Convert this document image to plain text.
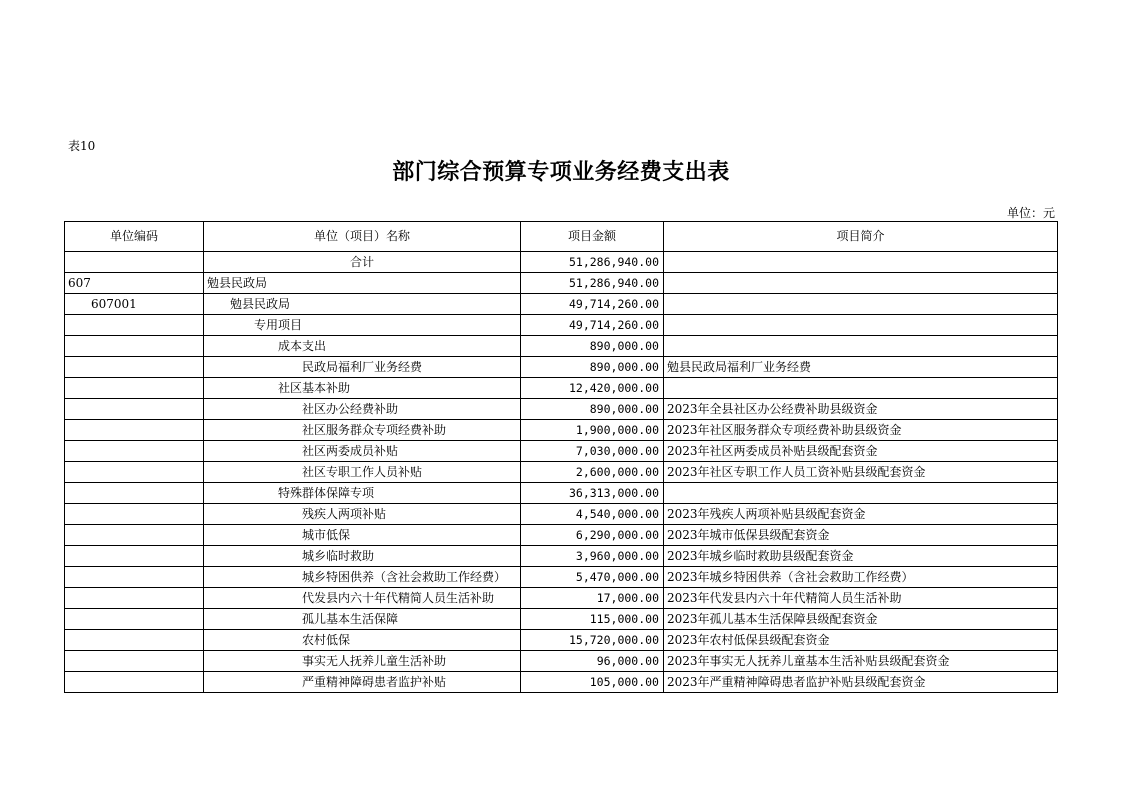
表10
部门综合预算专项业务经费支出表
单位：元
单位编码	单位（项目）名称	项目金额	项目简介
	合计	51,286,940.00	
607	勉县民政局	51,286,940.00	
607001	勉县民政局	49,714,260.00	
	专用项目	49,714,260.00	
	成本支出	890,000.00	
	民政局福利厂业务经费	890,000.00	勉县民政局福利厂业务经费
	社区基本补助	12,420,000.00	
	社区办公经费补助	890,000.00	2023年全县社区办公经费补助县级资金
	社区服务群众专项经费补助	1,900,000.00	2023年社区服务群众专项经费补助县级资金
	社区两委成员补贴	7,030,000.00	2023年社区两委成员补贴县级配套资金
	社区专职工作人员补贴	2,600,000.00	2023年社区专职工作人员工资补贴县级配套资金
	特殊群体保障专项	36,313,000.00	
	残疾人两项补贴	4,540,000.00	2023年残疾人两项补贴县级配套资金
	城市低保	6,290,000.00	2023年城市低保县级配套资金
	城乡临时救助	3,960,000.00	2023年城乡临时救助县级配套资金
	城乡特困供养（含社会救助工作经费）	5,470,000.00	2023年城乡特困供养（含社会救助工作经费）
	代发县内六十年代精简人员生活补助	17,000.00	2023年代发县内六十年代精简人员生活补助
	孤儿基本生活保障	115,000.00	2023年孤儿基本生活保障县级配套资金
	农村低保	15,720,000.00	2023年农村低保县级配套资金
	事实无人抚养儿童生活补助	96,000.00	2023年事实无人抚养儿童基本生活补贴县级配套资金
	严重精神障碍患者监护补贴	105,000.00	2023年严重精神障碍患者监护补贴县级配套资金
